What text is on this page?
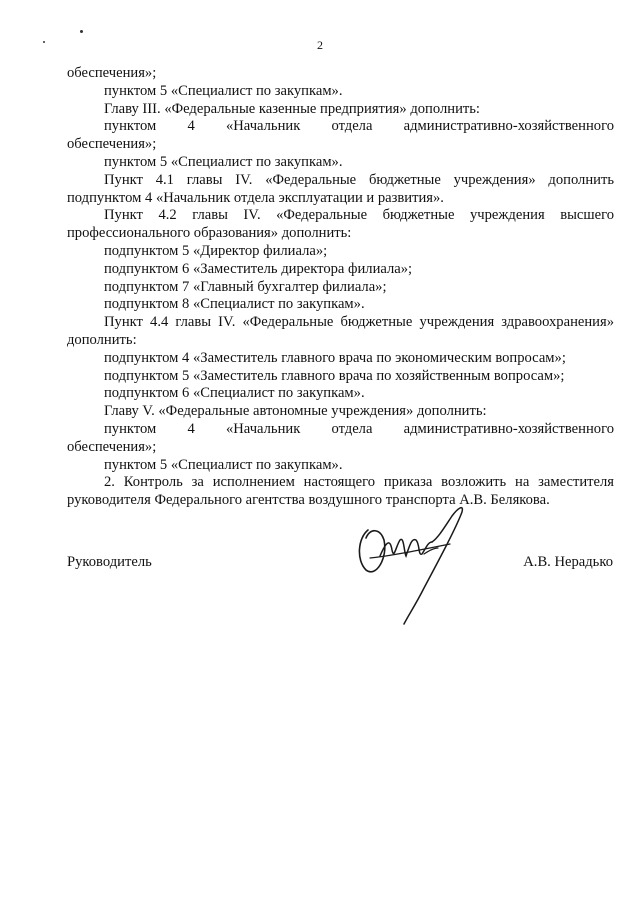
2

обеспечения»;

пунктом 5 «Специалист по закупкам».

Главу III. «Федеральные казенные предприятия» дополнить:

пунктом 4 «Начальник отдела административно-хозяйственного

обеспечения»;

пунктом 5 «Специалист по закупкам».

Пункт 4.1 главы IV. «Федеральные бюджетные учреждения» дополнить подпунктом 4 «Начальник отдела эксплуатации и развития».

Пункт 4.2 главы IV. «Федеральные бюджетные учреждения высшего профессионального образования» дополнить:

подпунктом 5 «Директор филиала»;

подпунктом 6 «Заместитель директора филиала»;

подпунктом 7 «Главный бухгалтер филиала»;

подпунктом 8 «Специалист по закупкам».

Пункт 4.4 главы IV. «Федеральные бюджетные учреждения здравоохранения» дополнить:

подпунктом 4 «Заместитель главного врача по экономическим вопросам»;

подпунктом 5 «Заместитель главного врача по хозяйственным вопросам»;

подпунктом 6 «Специалист по закупкам».

Главу V. «Федеральные автономные учреждения» дополнить:

пунктом 4 «Начальник отдела административно-хозяйственного

обеспечения»;

пунктом 5 «Специалист по закупкам».

2. Контроль за исполнением настоящего приказа возложить на заместителя руководителя Федерального агентства воздушного транспорта А.В. Белякова.

Руководитель	А.В. Нерадько
